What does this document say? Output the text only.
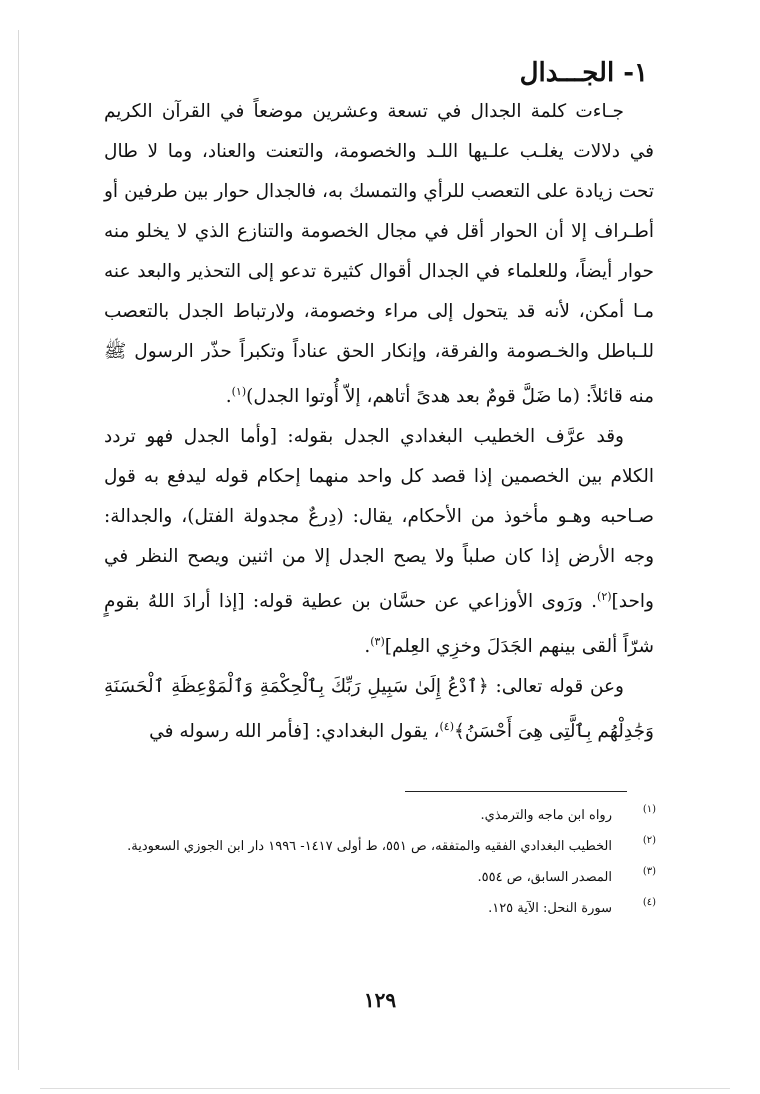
١- الجـــدال

جـاءت كلمة الجدال في تسعة وعشرين موضعاً في القرآن الكريم في دلالات يغلـب علـيها اللـد والخصومة، والتعنت والعناد، وما لا طال تحت زيادة على التعصب للرأي والتمسك به، فالجدال حوار بين طرفين أو أطـراف إلا أن الحوار أقل في مجال الخصومة والتنازع الذي لا يخلو منه حوار أيضاً، وللعلماء في الجدال أقوال كثيرة تدعو إلى التحذير والبعد عنه مـا أمكن، لأنه قد يتحول إلى مراء وخصومة، ولارتباط الجدل بالتعصب للـباطل والخـصومة والفرقة، وإنكار الحق عناداً وتكبراً حذّر الرسول ﷺ منه قائلاً: (ما ضَلَّ قومٌ بعد هدىً أتاهم، إلاّ أُوتوا الجدل)$^{(١)}$.

وقد عرَّف الخطيب البغدادي الجدل بقوله: [وأما الجدل فهو تردد الكلام بين الخصمين إذا قصد كل واحد منهما إحكام قوله ليدفع به قول صـاحبه وهـو مأخوذ من الأحكام، يقال: (دِرعٌ مجدولة الفتل)، والجدالة: وجه الأرض إذا كان صلباً ولا يصح الجدل إلا من اثنين ويصح النظر في واحد]$^{(٢)}$. ورَوى الأوزاعي عن حسَّان بن عطية قوله: [إذا أرادَ اللهُ بقومٍ شرّاً ألقى بينهم الجَدَلَ وخزِي العِلم]$^{(٣)}$.

وعن قوله تعالى: ﴿ٱدْعُ إِلَىٰ سَبِيلِ رَبِّكَ بِٱلْحِكْمَةِ وَٱلْمَوْعِظَةِ ٱلْحَسَنَةِ وَجَٰدِلْهُم بِٱلَّتِى هِىَ أَحْسَنُ﴾$^{(٤)}$، يقول البغدادي: [فأمر الله رسوله في

(١)
رواه ابن ماجه والترمذي.

(٢)
الخطيب البغدادي الفقيه والمتفقه، ص ٥٥١، ط أولى ١٤١٧- ١٩٩٦ دار ابن الجوزي السعودية.

(٣)
المصدر السابق، ص ٥٥٤.

(٤)
سورة النحل: الآية ١٢٥.

١٢٩
